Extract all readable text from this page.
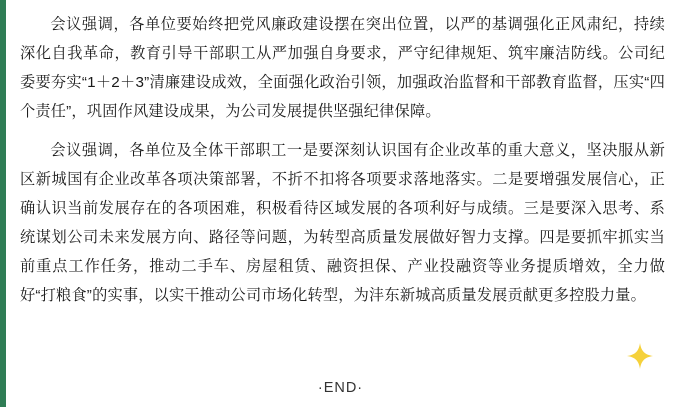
会议强调，各单位要始终把党风廉政建设摆在突出位置，以严的基调强化正风肃纪，持续深化自我革命，教育引导干部职工从严加强自身要求，严守纪律规矩、筑牢廉洁防线。公司纪委要夯实“1＋2＋3”清廉建设成效，全面强化政治引领，加强政治监督和干部教育监督，压实“四个责任”，巩固作风建设成果，为公司发展提供坚强纪律保障。

会议强调，各单位及全体干部职工一是要深刻认识国有企业改革的重大意义，坚决服从新区新城国有企业改革各项决策部署，不折不扣将各项要求落地落实。二是要增强发展信心，正确认识当前发展存在的各项困难，积极看待区域发展的各项利好与成绩。三是要深入思考、系统谋划公司未来发展方向、路径等问题，为转型高质量发展做好智力支撑。四是要抓牢抓实当前重点工作任务，推动二手车、房屋租赁、融资担保、产业投融资等业务提质增效，全力做好“打粮食”的实事，以实干推动公司市场化转型，为沣东新城高质量发展贡献更多控股力量。

·END·
